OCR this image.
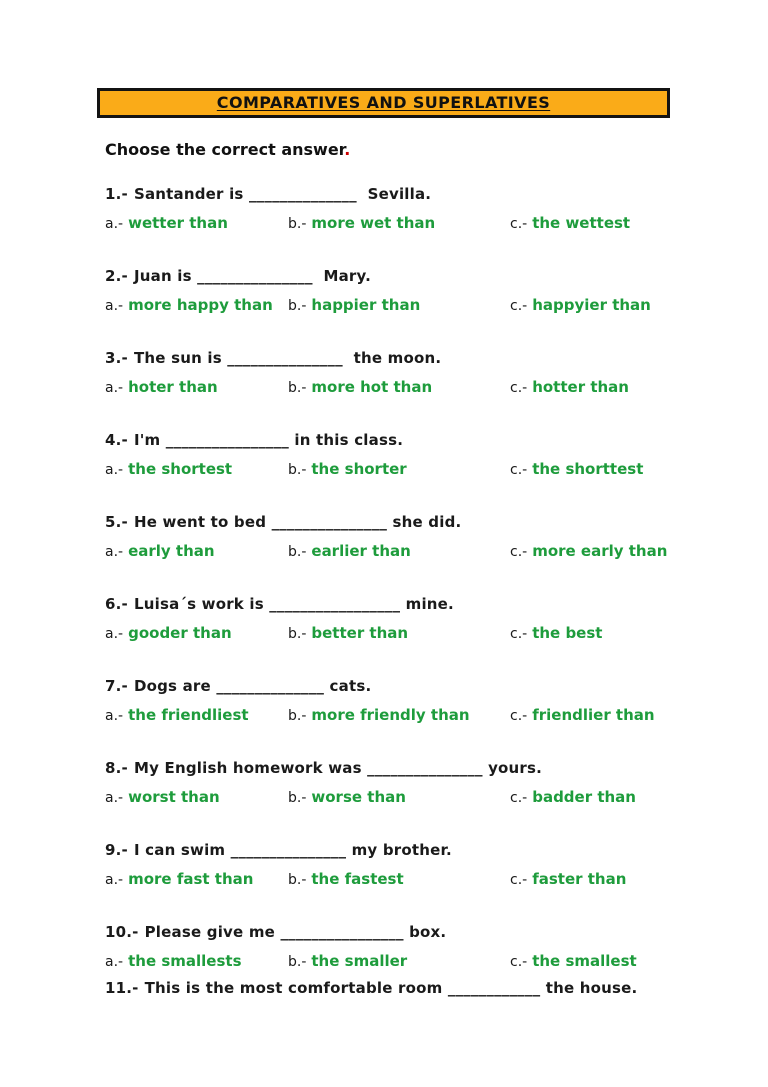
COMPARATIVES AND SUPERLATIVES
Choose the correct answer.
1.- Santander is ______________  Sevilla.
a.- wetter than	b.- more wet than	c.- the wettest
2.- Juan is _______________  Mary.
a.- more happy than	b.- happier than	c.- happyier than
3.- The sun is _______________  the moon.
a.- hoter than	b.- more hot than	c.- hotter than
4.- I'm ________________ in this class.
a.- the shortest	b.- the shorter	c.- the shorttest
5.- He went to bed _______________ she did.
a.- early than	b.- earlier than	c.- more early than
6.- Luisa´s work is _________________ mine.
a.- gooder than	b.- better than	c.- the best
7.- Dogs are ______________ cats.
a.- the friendliest	b.- more friendly than	c.- friendlier than
8.- My English homework was _______________ yours.
a.- worst than	b.- worse than	c.- badder than
9.- I can swim _______________ my brother.
a.- more fast than	b.- the fastest	c.- faster than
10.- Please give me ________________ box.
a.- the smallests	b.- the smaller	c.- the smallest
11.- This is the most comfortable room ____________ the house.
